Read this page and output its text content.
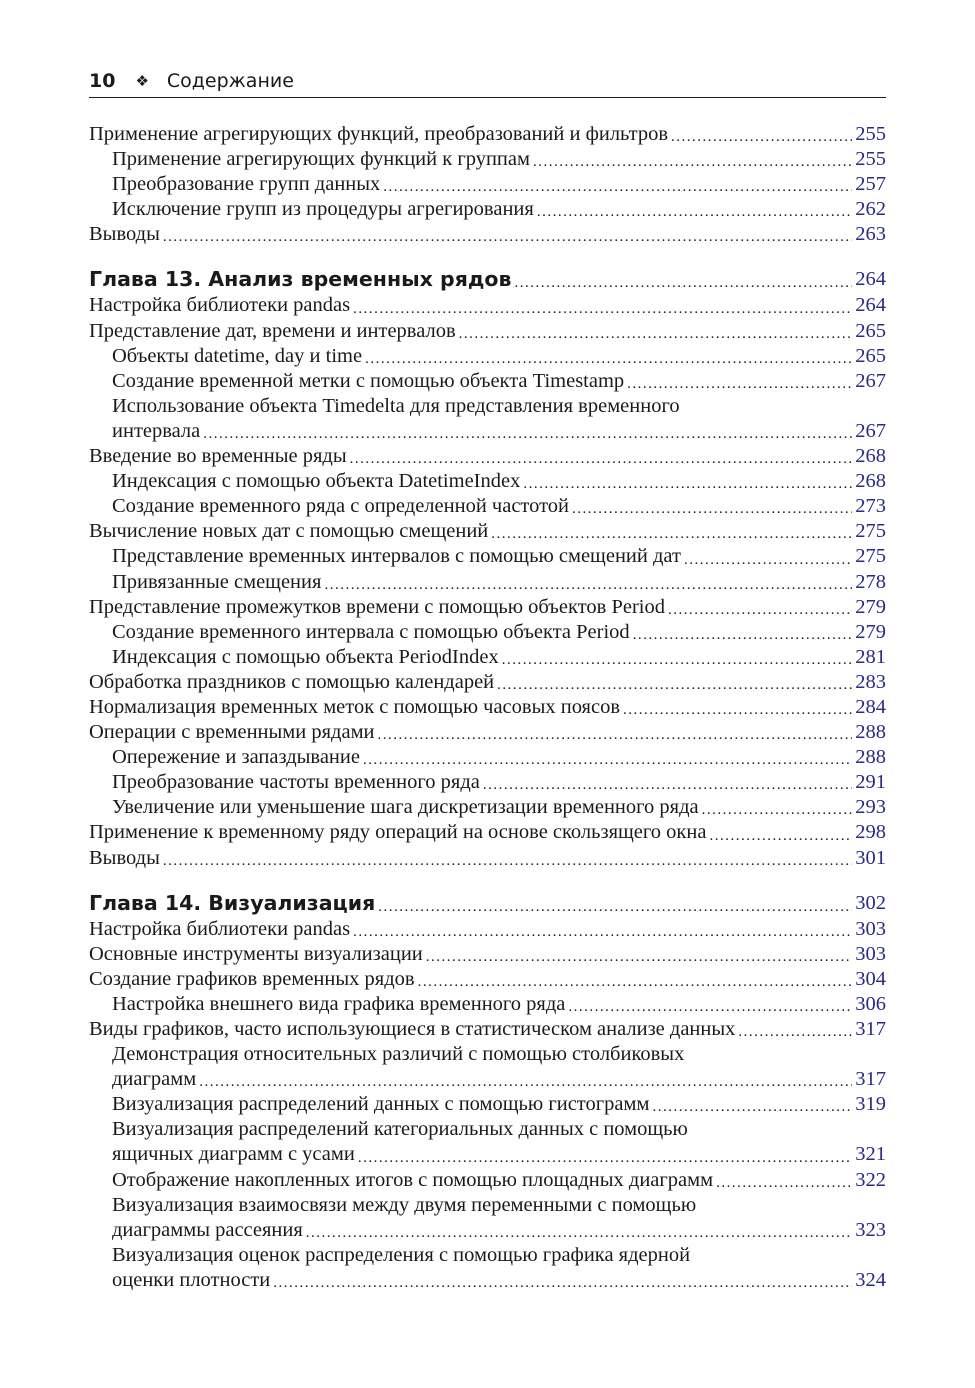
10 ❖ Содержание
Применение агрегирующих функций, преобразований и фильтров .....	255
Применение агрегирующих функций к группам .....	255
Преобразование групп данных .....	257
Исключение групп из процедуры агрегирования .....	262
Выводы .....	263
Глава 13. Анализ временных рядов .....	264
Настройка библиотеки pandas .....	264
Представление дат, времени и интервалов .....	265
Объекты datetime, day и time .....	265
Создание временной метки с помощью объекта Timestamp .....	267
Использование объекта Timedelta для представления временного
интервала .....	267
Введение во временные ряды .....	268
Индексация с помощью объекта DatetimeIndex .....	268
Создание временного ряда с определенной частотой .....	273
Вычисление новых дат с помощью смещений .....	275
Представление временных интервалов с помощью смещений дат .....	275
Привязанные смещения .....	278
Представление промежутков времени с помощью объектов Period .....	279
Создание временного интервала с помощью объекта Period .....	279
Индексация с помощью объекта PeriodIndex .....	281
Обработка праздников с помощью календарей .....	283
Нормализация временных меток с помощью часовых поясов .....	284
Операции с временными рядами .....	288
Опережение и запаздывание .....	288
Преобразование частоты временного ряда .....	291
Увеличение или уменьшение шага дискретизации временного ряда .....	293
Применение к временному ряду операций на основе скользящего окна .....	298
Выводы .....	301
Глава 14. Визуализация .....	302
Настройка библиотеки pandas .....	303
Основные инструменты визуализации .....	303
Создание графиков временных рядов .....	304
Настройка внешнего вида графика временного ряда .....	306
Виды графиков, часто использующиеся в статистическом анализе данных .....	317
Демонстрация относительных различий с помощью столбиковых
диаграмм .....	317
Визуализация распределений данных с помощью гистограмм .....	319
Визуализация распределений категориальных данных с помощью
ящичных диаграмм с усами .....	321
Отображение накопленных итогов с помощью площадных диаграмм .....	322
Визуализация взаимосвязи между двумя переменными с помощью
диаграммы рассеяния .....	323
Визуализация оценок распределения с помощью графика ядерной
оценки плотности .....	324
